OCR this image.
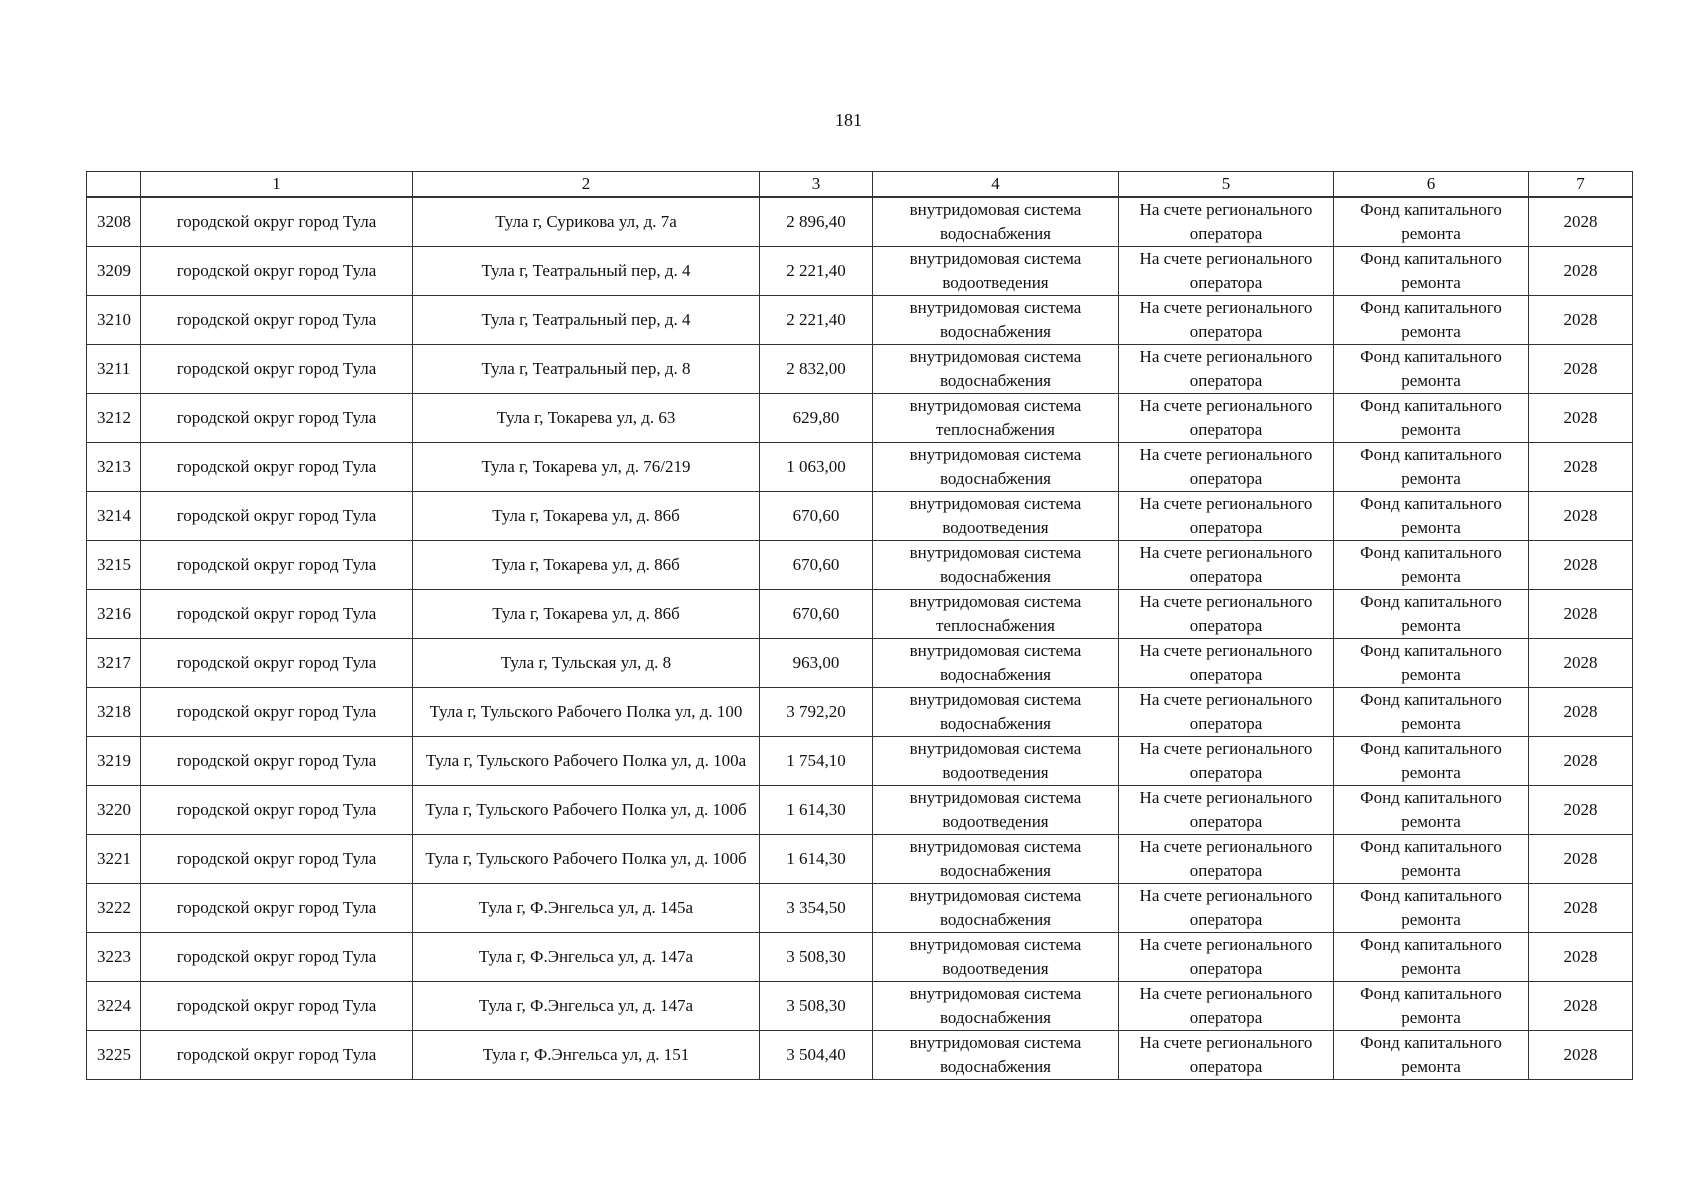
181
	1	2	3	4	5	6	7
3208	городской округ город Тула	Тула г, Сурикова ул, д. 7а	2 896,40	внутридомовая система водоснабжения	На счете регионального оператора	Фонд капитального ремонта	2028
3209	городской округ город Тула	Тула г, Театральный пер, д. 4	2 221,40	внутридомовая система водоотведения	На счете регионального оператора	Фонд капитального ремонта	2028
3210	городской округ город Тула	Тула г, Театральный пер, д. 4	2 221,40	внутридомовая система водоснабжения	На счете регионального оператора	Фонд капитального ремонта	2028
3211	городской округ город Тула	Тула г, Театральный пер, д. 8	2 832,00	внутридомовая система водоснабжения	На счете регионального оператора	Фонд капитального ремонта	2028
3212	городской округ город Тула	Тула г, Токарева ул, д. 63	629,80	внутридомовая система теплоснабжения	На счете регионального оператора	Фонд капитального ремонта	2028
3213	городской округ город Тула	Тула г, Токарева ул, д. 76/219	1 063,00	внутридомовая система водоснабжения	На счете регионального оператора	Фонд капитального ремонта	2028
3214	городской округ город Тула	Тула г, Токарева ул, д. 86б	670,60	внутридомовая система водоотведения	На счете регионального оператора	Фонд капитального ремонта	2028
3215	городской округ город Тула	Тула г, Токарева ул, д. 86б	670,60	внутридомовая система водоснабжения	На счете регионального оператора	Фонд капитального ремонта	2028
3216	городской округ город Тула	Тула г, Токарева ул, д. 86б	670,60	внутридомовая система теплоснабжения	На счете регионального оператора	Фонд капитального ремонта	2028
3217	городской округ город Тула	Тула г, Тульская ул, д. 8	963,00	внутридомовая система водоснабжения	На счете регионального оператора	Фонд капитального ремонта	2028
3218	городской округ город Тула	Тула г, Тульского Рабочего Полка ул, д. 100	3 792,20	внутридомовая система водоснабжения	На счете регионального оператора	Фонд капитального ремонта	2028
3219	городской округ город Тула	Тула г, Тульского Рабочего Полка ул, д. 100а	1 754,10	внутридомовая система водоотведения	На счете регионального оператора	Фонд капитального ремонта	2028
3220	городской округ город Тула	Тула г, Тульского Рабочего Полка ул, д. 100б	1 614,30	внутридомовая система водоотведения	На счете регионального оператора	Фонд капитального ремонта	2028
3221	городской округ город Тула	Тула г, Тульского Рабочего Полка ул, д. 100б	1 614,30	внутридомовая система водоснабжения	На счете регионального оператора	Фонд капитального ремонта	2028
3222	городской округ город Тула	Тула г, Ф.Энгельса ул, д. 145а	3 354,50	внутридомовая система водоснабжения	На счете регионального оператора	Фонд капитального ремонта	2028
3223	городской округ город Тула	Тула г, Ф.Энгельса ул, д. 147а	3 508,30	внутридомовая система водоотведения	На счете регионального оператора	Фонд капитального ремонта	2028
3224	городской округ город Тула	Тула г, Ф.Энгельса ул, д. 147а	3 508,30	внутридомовая система водоснабжения	На счете регионального оператора	Фонд капитального ремонта	2028
3225	городской округ город Тула	Тула г, Ф.Энгельса ул, д. 151	3 504,40	внутридомовая система водоснабжения	На счете регионального оператора	Фонд капитального ремонта	2028
